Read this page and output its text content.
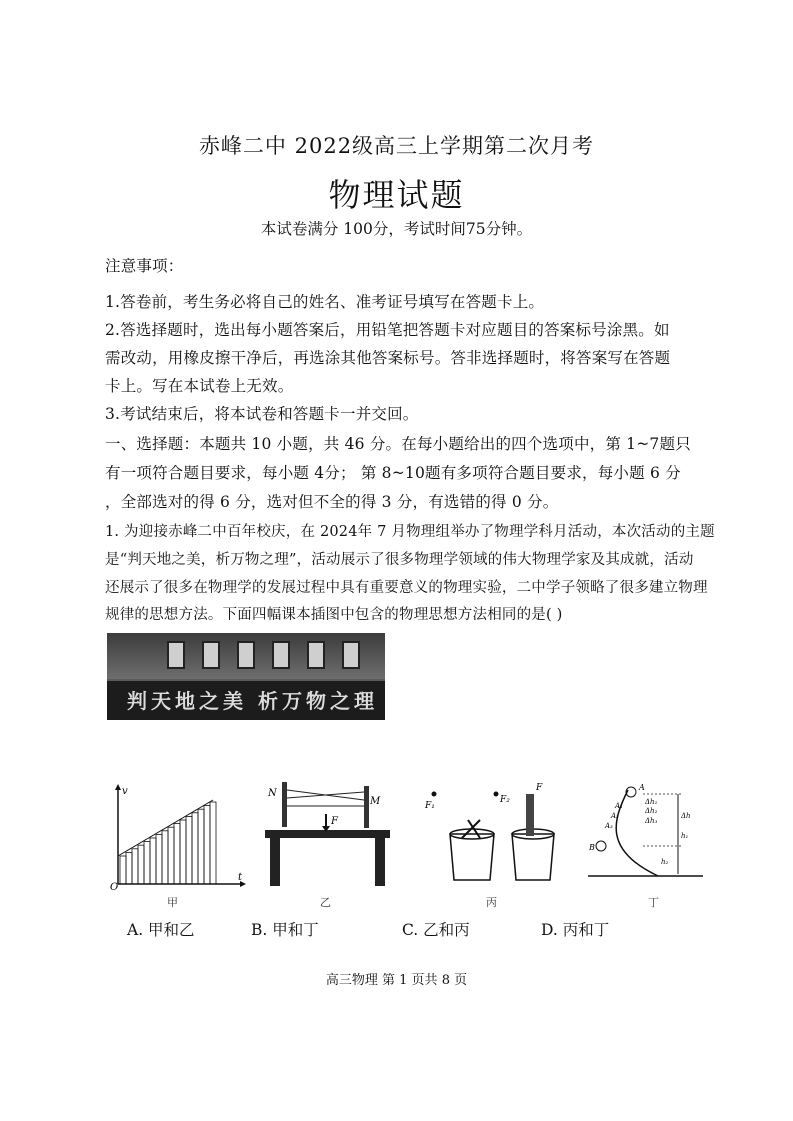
赤峰二中 2022级高三上学期第二次月考
物理试题
本试卷满分 100分，考试时间75分钟。
注意事项：
1.答卷前，考生务必将自己的姓名、准考证号填写在答题卡上。
2.答选择题时，选出每小题答案后，用铅笔把答题卡对应题目的答案标号涂黑。如
需改动，用橡皮擦干净后，再选涂其他答案标号。答非选择题时，将答案写在答题
卡上。写在本试卷上无效。
3.考试结束后，将本试卷和答题卡一并交回。
一、选择题：本题共 10 小题，共 46 分。在每小题给出的四个选项中，第 1~7题只
有一项符合题目要求，每小题 4分； 第 8~10题有多项符合题目要求，每小题 6 分
，全部选对的得 6 分，选对但不全的得 3 分，有选错的得 0 分。
1. 为迎接赤峰二中百年校庆，在 2024年 7 月物理组举办了物理学科月活动，本次活动的主题
是“判天地之美，析万物之理”，活动展示了很多物理学领域的伟大物理学家及其成就，活动
还展示了很多在物理学的发展过程中具有重要意义的物理实验，二中学子领略了很多建立物理
规律的思想方法。下面四幅课本插图中包含的物理思想方法相同的是( )
判天地之美 析万物之理
v
t
O
甲
N
M
F
乙
F₁
F₂
F
丙
A
B
A₁
A₂
A₃
Δh₁
Δh₂
Δh₃
Δh
h₁
h₂
丁
A. 甲和乙	B. 甲和丁	C. 乙和丙	D. 丙和丁
高三物理 第 1 页共 8 页
